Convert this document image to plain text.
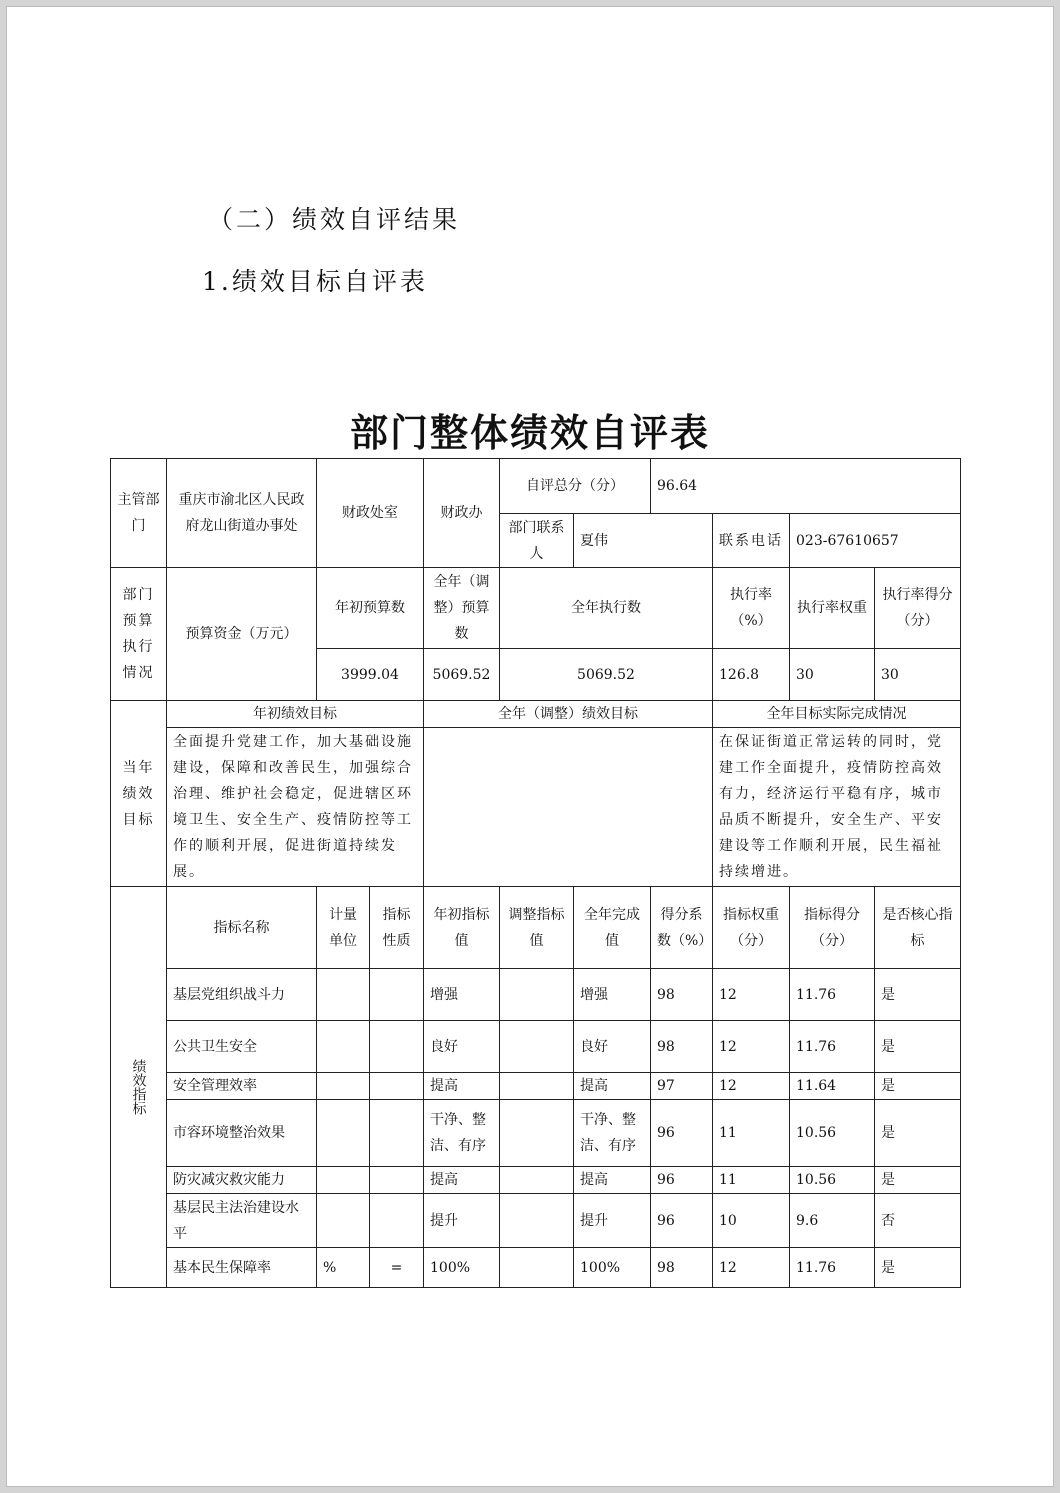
（二）绩效自评结果
1.绩效目标自评表
部门整体绩效自评表
主管部门	重庆市渝北区人民政府龙山街道办事处	财政处室		财政办	自评总分（分）		96.64			
					部门联系人	夏伟		联系电话	023-67610657	
部门预算执行情况	预算资金（万元）	年初预算数		全年（调整）预算数	全年执行数			执行率（%）	执行率权重	执行率得分（分）
		3999.04		5069.52	5069.52			126.8	30	30
当年绩效目标	年初绩效目标			全年（调整）绩效目标				全年目标实际完成情况		
	全面提升党建工作，加大基础设施建设，保障和改善民生，加强综合治理、维护社会稳定，促进辖区环境卫生、安全生产、疫情防控等工作的顺利开展，促进街道持续发展。							在保证街道正常运转的同时，党建工作全面提升，疫情防控高效有力，经济运行平稳有序，城市品质不断提升，安全生产、平安建设等工作顺利开展，民生福祉持续增进。		

绩效指标	指标名称	计量单位	指标性质	年初指标值	调整指标值	全年完成值	得分系数（%）	指标权重（分）	指标得分（分）	是否核心指标
	基层党组织战斗力			增强		增强	98	12	11.76	是
	公共卫生安全			良好		良好	98	12	11.76	是
	安全管理效率			提高		提高	97	12	11.64	是
	市容环境整治效果			干净、整洁、有序		干净、整洁、有序	96	11	10.56	是
	防灾减灾救灾能力			提高		提高	96	11	10.56	是
	基层民主法治建设水平			提升		提升	96	10	9.6	否
	基本民生保障率	%	=	100%		100%	98	12	11.76	是
